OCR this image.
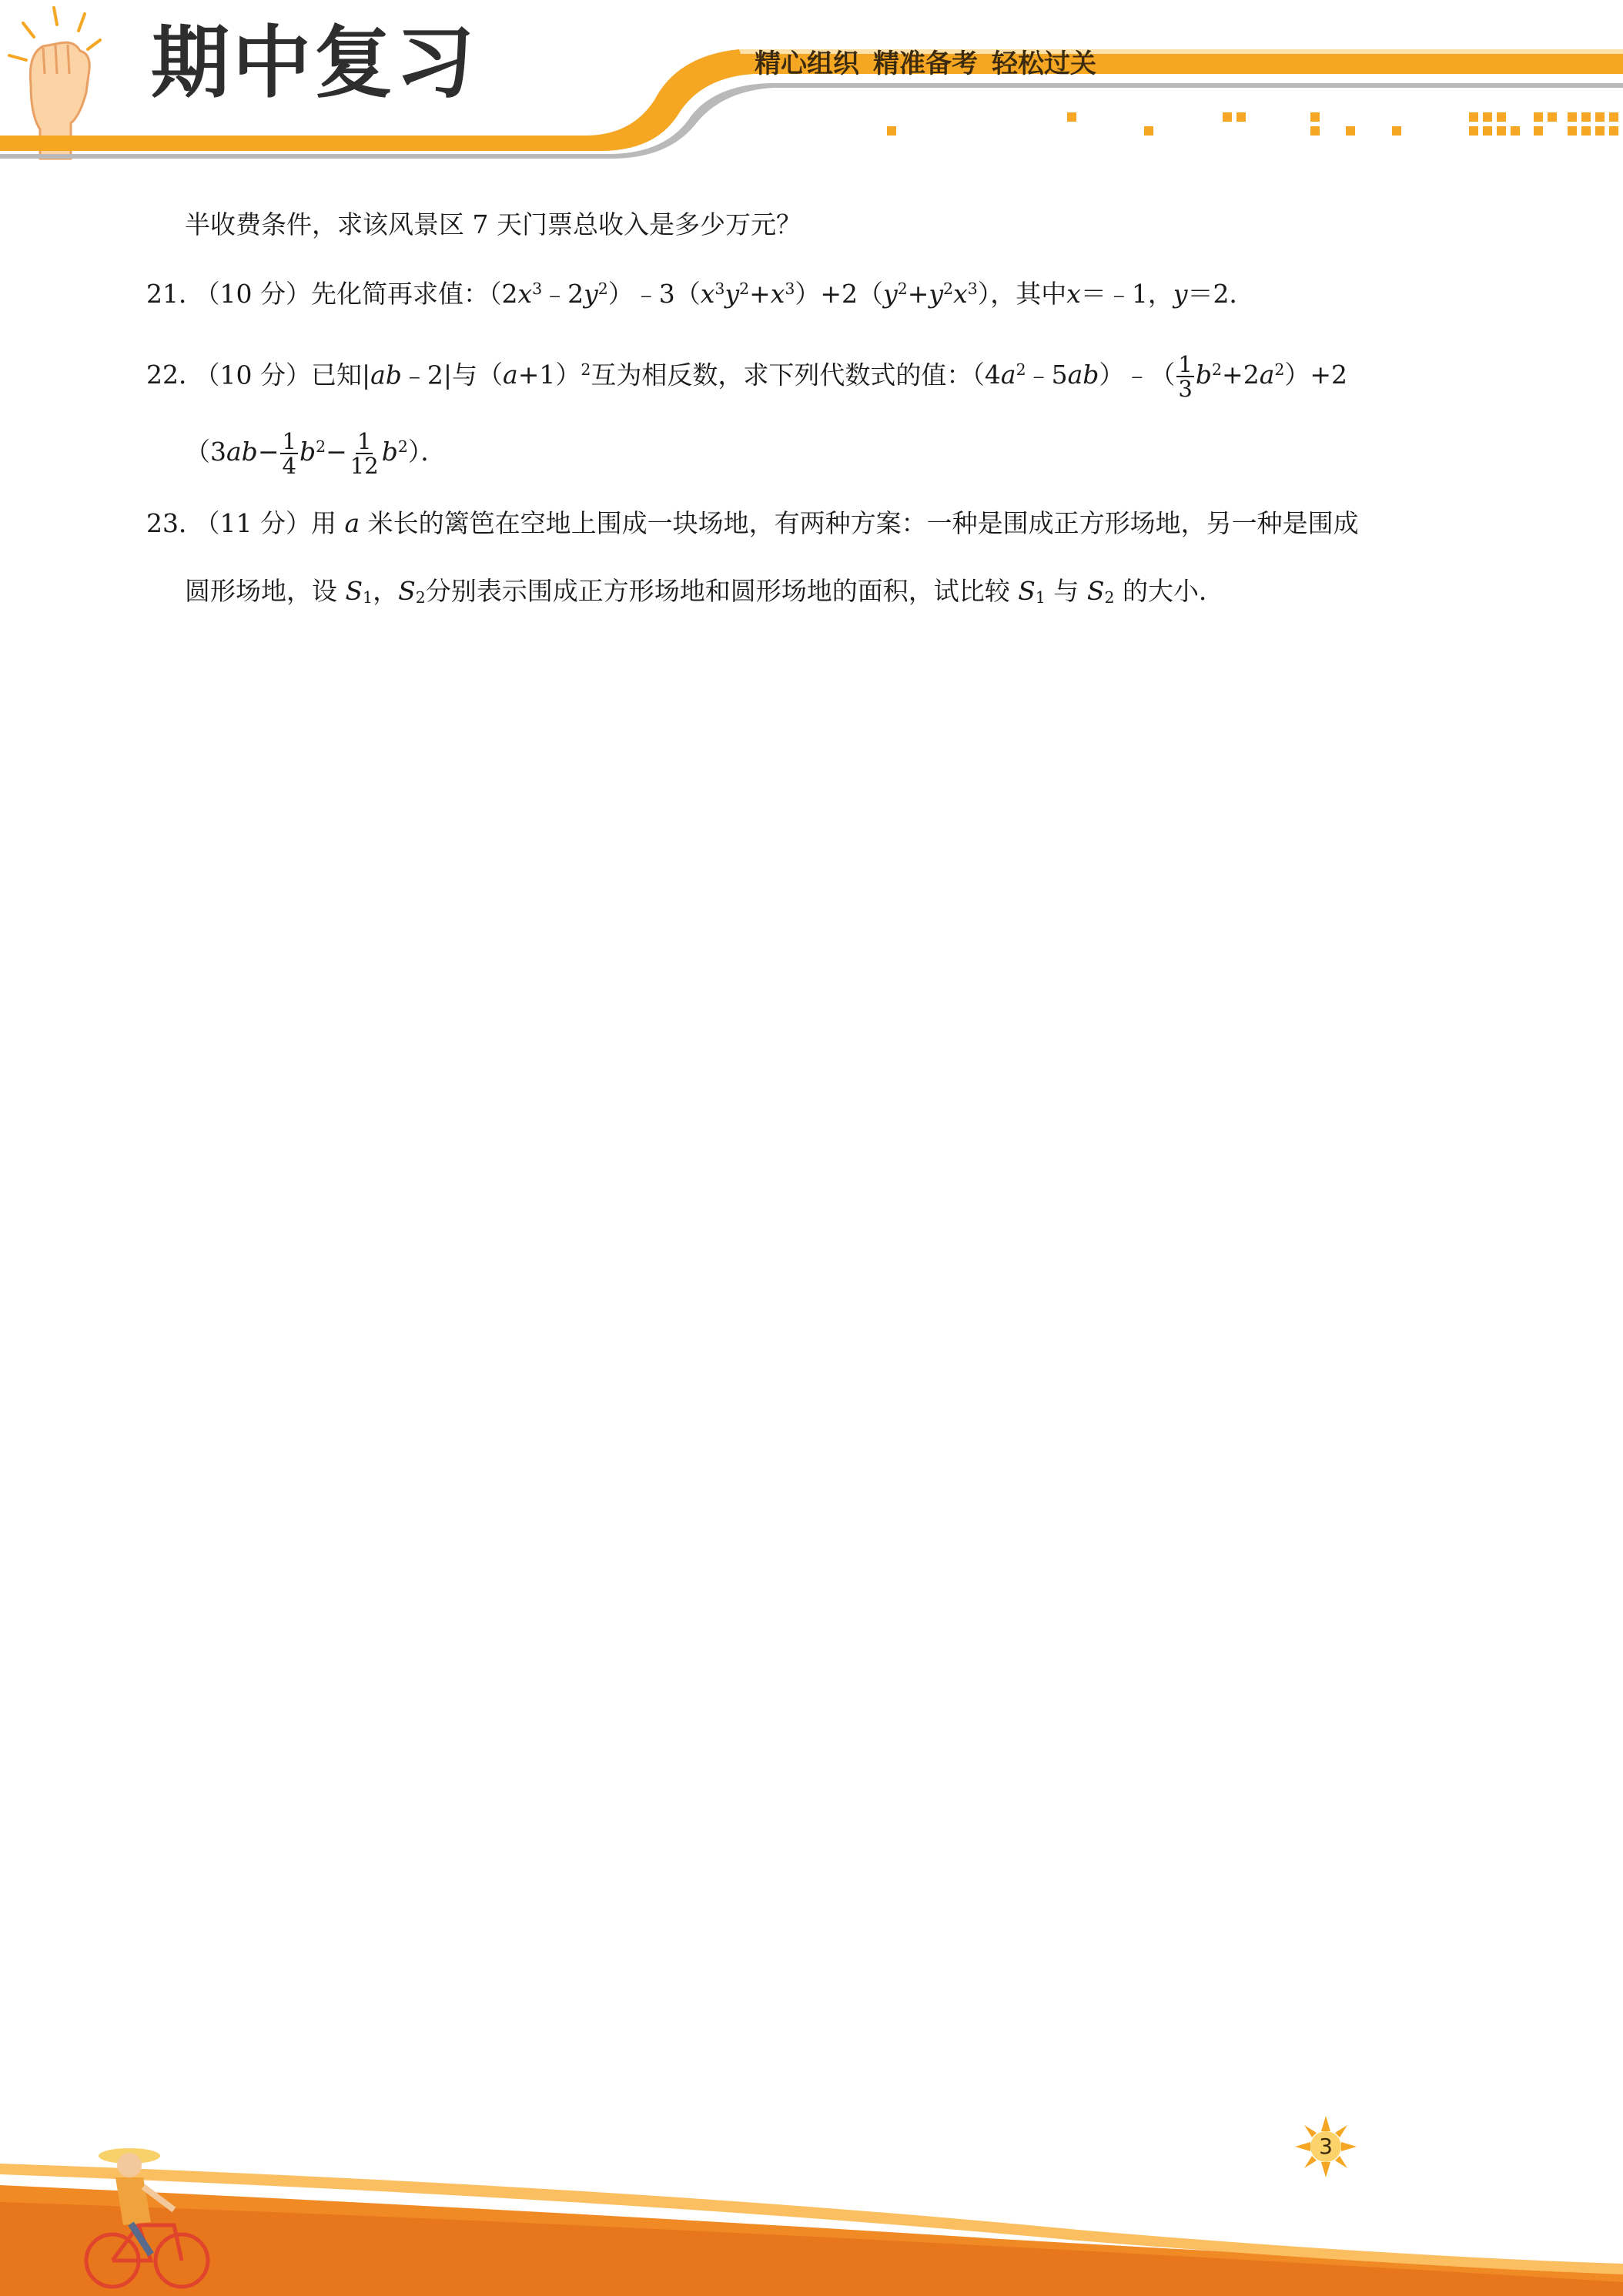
期中复习	精心组织 精准备考 轻松过关
半收费条件，求该风景区 7 天门票总收入是多少万元？
21． （10 分）先化简再求值：$(2x^3﹣2y^2)﹣3(x^3y^2+x^3)+2(y^2+y^2x^3)$，其中x＝﹣1，y＝2．
22． （10 分）已知|ab﹣2|与$(a+1)^2$互为相反数，求下列代数式的值：$(4a^2﹣5ab)﹣( \frac{1}{3} b^2+2a^2)+2$
$(3ab- \frac{1}{4} b^2- \frac{1}{12} b^2)$．
23． （11 分）用 a 米长的篱笆在空地上围成一块场地，有两种方案：一种是围成正方形场地，另一种是围成
圆形场地，设 $S_1$，$S_2$分别表示围成正方形场地和圆形场地的面积，试比较 $S_1$ 与 $S_2$ 的大小．
3
